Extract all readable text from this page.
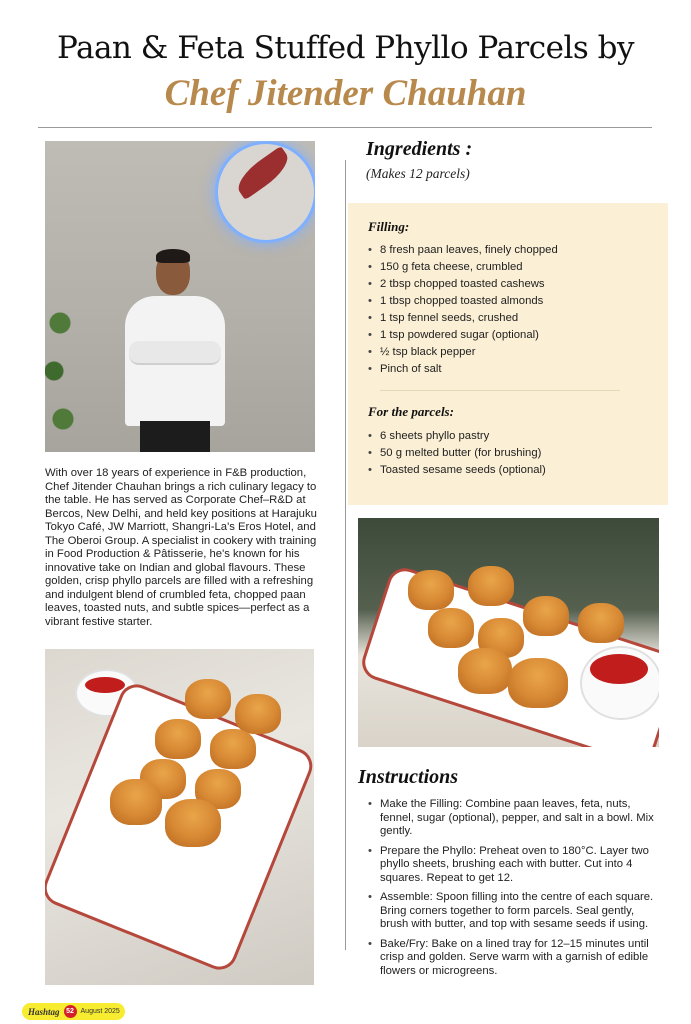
Paan & Feta Stuffed Phyllo Parcels by
Chef Jitender Chauhan
With over 18 years of experience in F&B production, Chef Jitender Chauhan brings a rich culinary legacy to the table. He has served as Corporate Chef–R&D at Bercos, New Delhi, and held key positions at Harajuku Tokyo Café, JW Marriott, Shangri-La's Eros Hotel, and The Oberoi Group. A specialist in cookery with training in Food Production & Pâtisserie, he's known for his innovative take on Indian and global flavours. These golden, crisp phyllo parcels are filled with a refreshing and indulgent blend of crumbled feta, chopped paan leaves, toasted nuts, and subtle spices—perfect as a vibrant festive starter.
Ingredients :
(Makes 12 parcels)
Filling:
• 8 fresh paan leaves, finely chopped
• 150 g feta cheese, crumbled
• 2 tbsp chopped toasted cashews
• 1 tbsp chopped toasted almonds
• 1 tsp fennel seeds, crushed
• 1 tsp powdered sugar (optional)
• ½ tsp black pepper
• Pinch of salt
For the parcels:
• 6 sheets phyllo pastry
• 50 g melted butter (for brushing)
• Toasted sesame seeds (optional)
Instructions
• Make the Filling: Combine paan leaves, feta, nuts, fennel, sugar (optional), pepper, and salt in a bowl. Mix gently.
• Prepare the Phyllo: Preheat oven to 180°C. Layer two phyllo sheets, brushing each with butter. Cut into 4 squares. Repeat to get 12.
• Assemble: Spoon filling into the centre of each square. Bring corners together to form parcels. Seal gently, brush with butter, and top with sesame seeds if using.
• Bake/Fry: Bake on a lined tray for 12–15 minutes until crisp and golden. Serve warm with a garnish of edible flowers or microgreens.
Hashtag 52 August 2025
